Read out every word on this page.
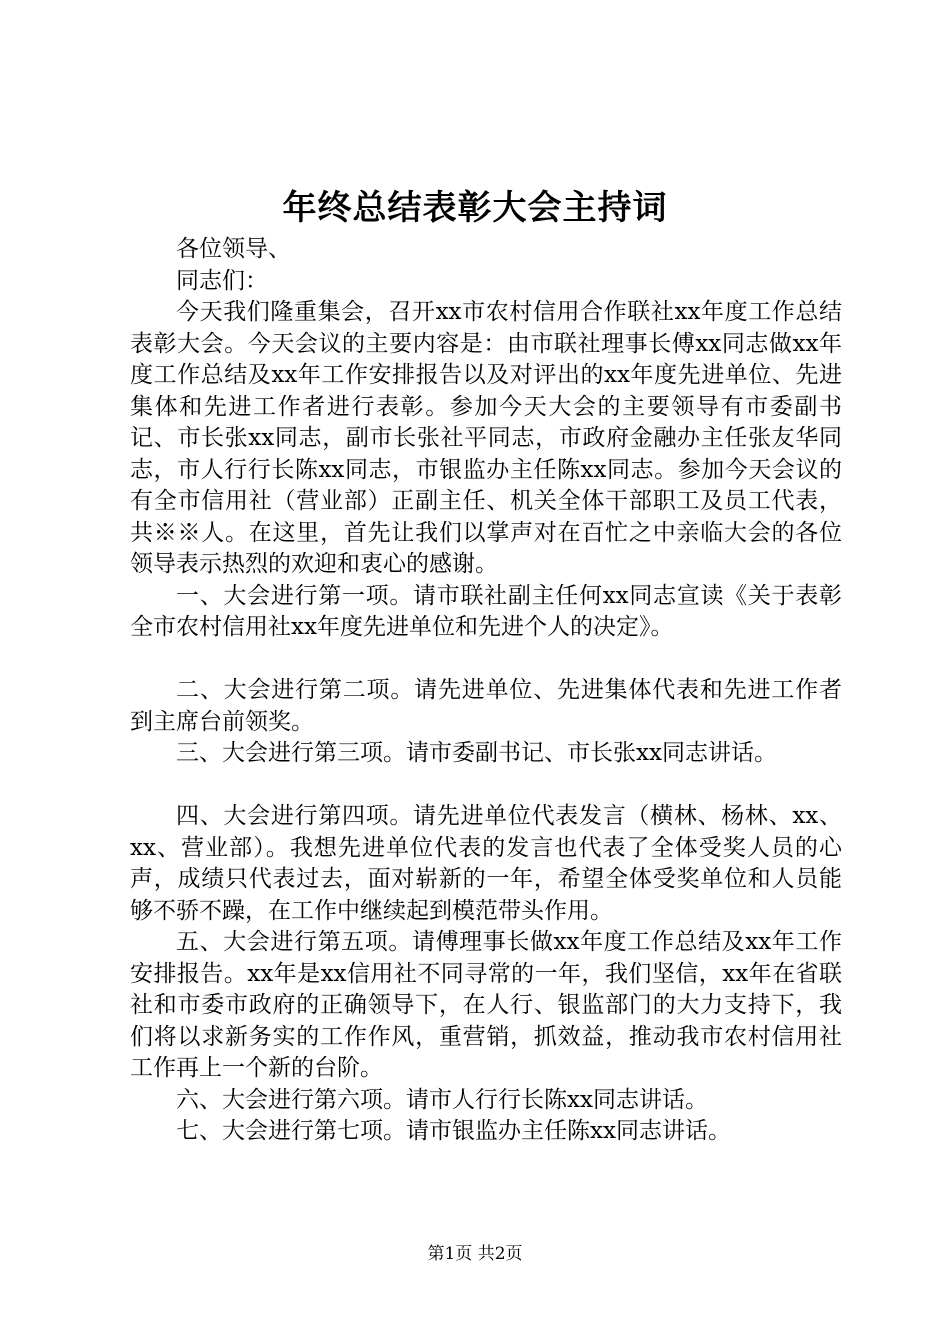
年终总结表彰大会主持词

各位领导、

同志们：

今天我们隆重集会，召开xx市农村信用合作联社xx年度工作总结表彰大会。今天会议的主要内容是：由市联社理事长傅xx同志做xx年度工作总结及xx年工作安排报告以及对评出的xx年度先进单位、先进集体和先进工作者进行表彰。参加今天大会的主要领导有市委副书记、市长张xx同志，副市长张社平同志，市政府金融办主任张友华同志，市人行行长陈xx同志，市银监办主任陈xx同志。参加今天会议的有全市信用社（营业部）正副主任、机关全体干部职工及员工代表，共※※人。在这里，首先让我们以掌声对在百忙之中亲临大会的各位领导表示热烈的欢迎和衷心的感谢。

一、大会进行第一项。请市联社副主任何xx同志宣读《关于表彰全市农村信用社xx年度先进单位和先进个人的决定》。

二、大会进行第二项。请先进单位、先进集体代表和先进工作者到主席台前领奖。

三、大会进行第三项。请市委副书记、市长张xx同志讲话。

四、大会进行第四项。请先进单位代表发言（横林、杨林、xx、xx、营业部）。我想先进单位代表的发言也代表了全体受奖人员的心声，成绩只代表过去，面对崭新的一年，希望全体受奖单位和人员能够不骄不躁，在工作中继续起到模范带头作用。

五、大会进行第五项。请傅理事长做xx年度工作总结及xx年工作安排报告。xx年是xx信用社不同寻常的一年，我们坚信，xx年在省联社和市委市政府的正确领导下，在人行、银监部门的大力支持下，我们将以求新务实的工作作风，重营销，抓效益，推动我市农村信用社工作再上一个新的台阶。

六、大会进行第六项。请市人行行长陈xx同志讲话。

七、大会进行第七项。请市银监办主任陈xx同志讲话。

第1页 共2页
